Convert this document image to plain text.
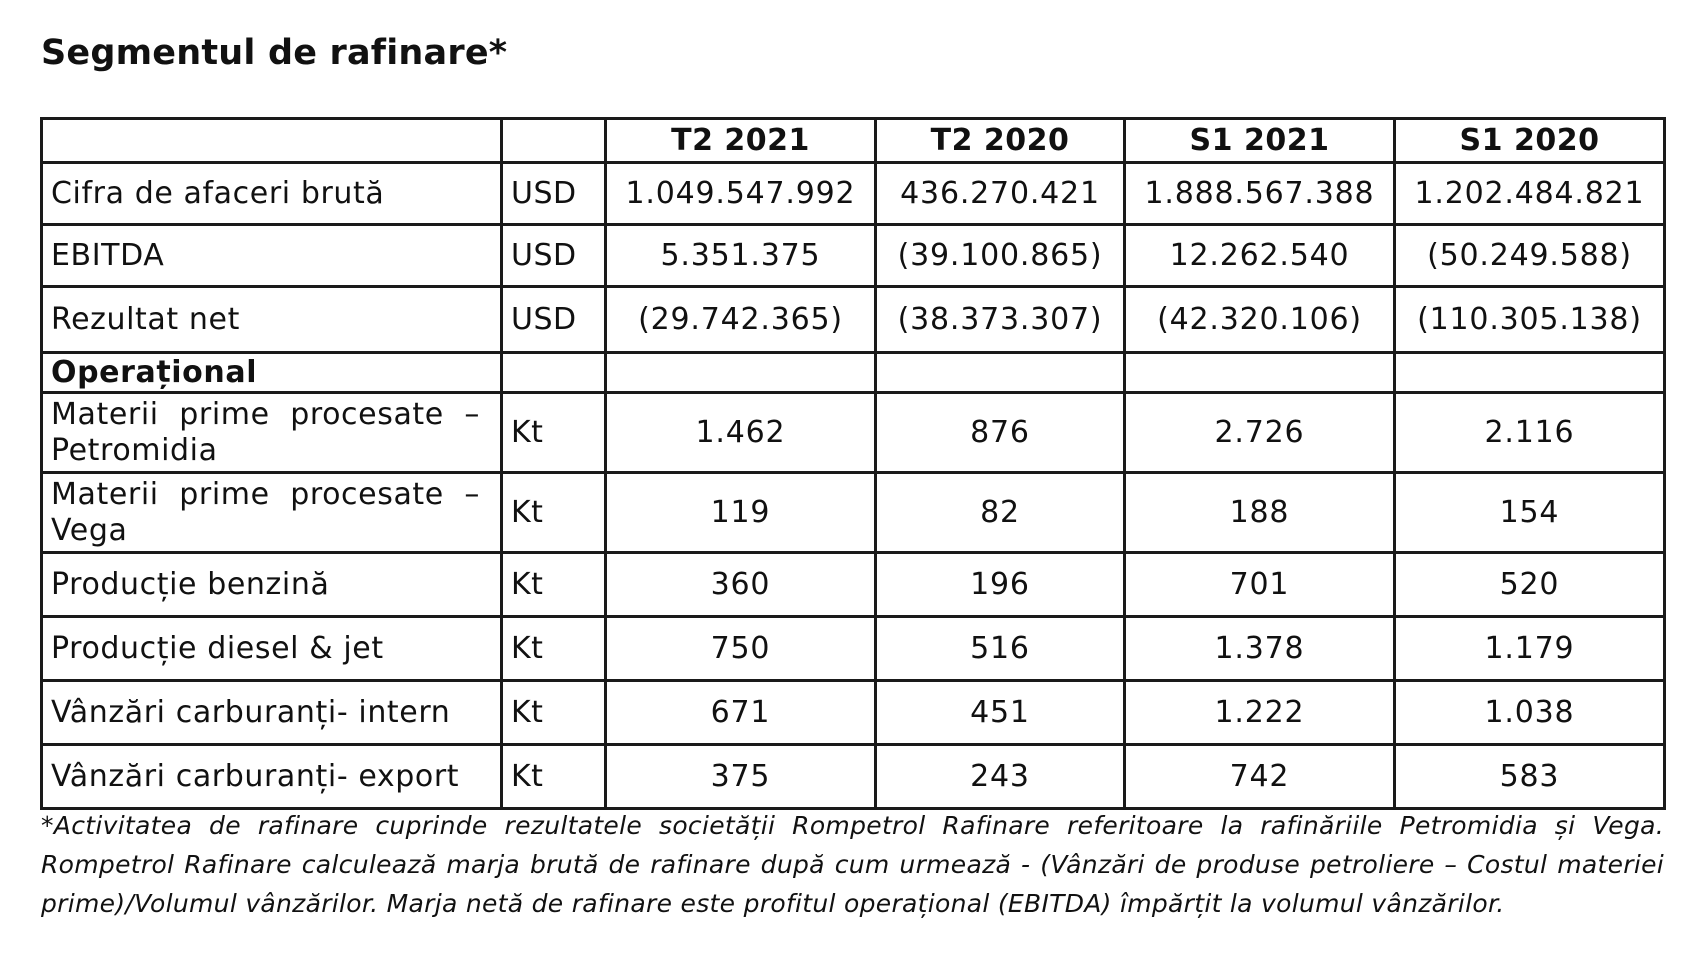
Segmentul de rafinare*
		T2 2021	T2 2020	S1 2021	S1 2020
Cifra de afaceri brută	USD	1.049.547.992	436.270.421	1.888.567.388	1.202.484.821
EBITDA	USD	5.351.375	(39.100.865)	12.262.540	(50.249.588)
Rezultat net	USD	(29.742.365)	(38.373.307)	(42.320.106)	(110.305.138)
Operațional					
Materii prime procesate – Petromidia	Kt	1.462	876	2.726	2.116
Materii prime procesate – Vega	Kt	119	82	188	154
Producție benzină	Kt	360	196	701	520
Producție diesel & jet	Kt	750	516	1.378	1.179
Vânzări carburanți- intern	Kt	671	451	1.222	1.038
Vânzări carburanți- export	Kt	375	243	742	583

*Activitatea de rafinare cuprinde rezultatele societății Rompetrol Rafinare referitoare la rafinăriile Petromidia și Vega. Rompetrol Rafinare calculează marja brută de rafinare după cum urmează - (Vânzări de produse petroliere – Costul materiei prime)/Volumul vânzărilor. Marja netă de rafinare este profitul operațional (EBITDA) împărțit la volumul vânzărilor.
